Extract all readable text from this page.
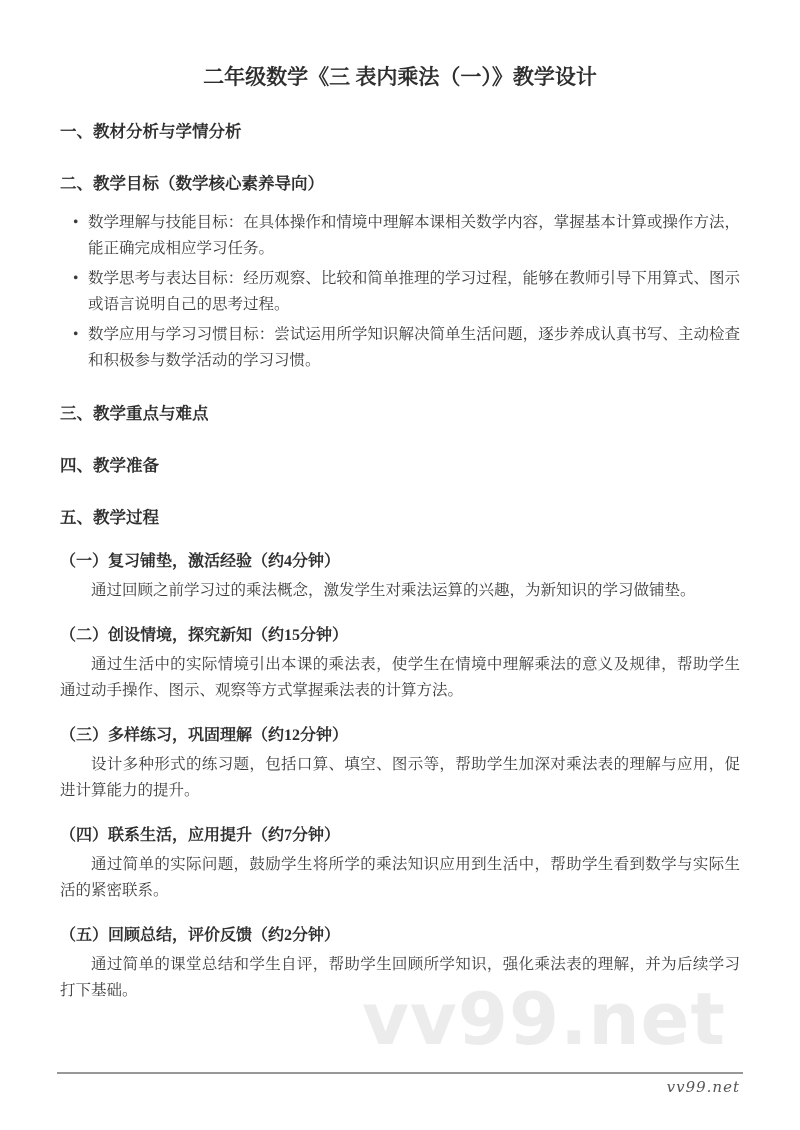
二年级数学《三 表内乘法（一）》教学设计
一、教材分析与学情分析
二、教学目标（数学核心素养导向）
• 数学理解与技能目标：在具体操作和情境中理解本课相关数学内容，掌握基本计算或操作方法，能正确完成相应学习任务。
• 数学思考与表达目标：经历观察、比较和简单推理的学习过程，能够在教师引导下用算式、图示或语言说明自己的思考过程。
• 数学应用与学习习惯目标：尝试运用所学知识解决简单生活问题，逐步养成认真书写、主动检查和积极参与数学活动的学习习惯。
三、教学重点与难点
四、教学准备
五、教学过程
（一）复习铺垫，激活经验（约4分钟）

通过回顾之前学习过的乘法概念，激发学生对乘法运算的兴趣，为新知识的学习做铺垫。

（二）创设情境，探究新知（约15分钟）

通过生活中的实际情境引出本课的乘法表，使学生在情境中理解乘法的意义及规律，帮助学生通过动手操作、图示、观察等方式掌握乘法表的计算方法。

（三）多样练习，巩固理解（约12分钟）

设计多种形式的练习题，包括口算、填空、图示等，帮助学生加深对乘法表的理解与应用，促进计算能力的提升。

（四）联系生活，应用提升（约7分钟）

通过简单的实际问题，鼓励学生将所学的乘法知识应用到生活中，帮助学生看到数学与实际生活的紧密联系。

（五）回顾总结，评价反馈（约2分钟）

通过简单的课堂总结和学生自评，帮助学生回顾所学知识，强化乘法表的理解，并为后续学习打下基础。	vv99.net
vv99.net
